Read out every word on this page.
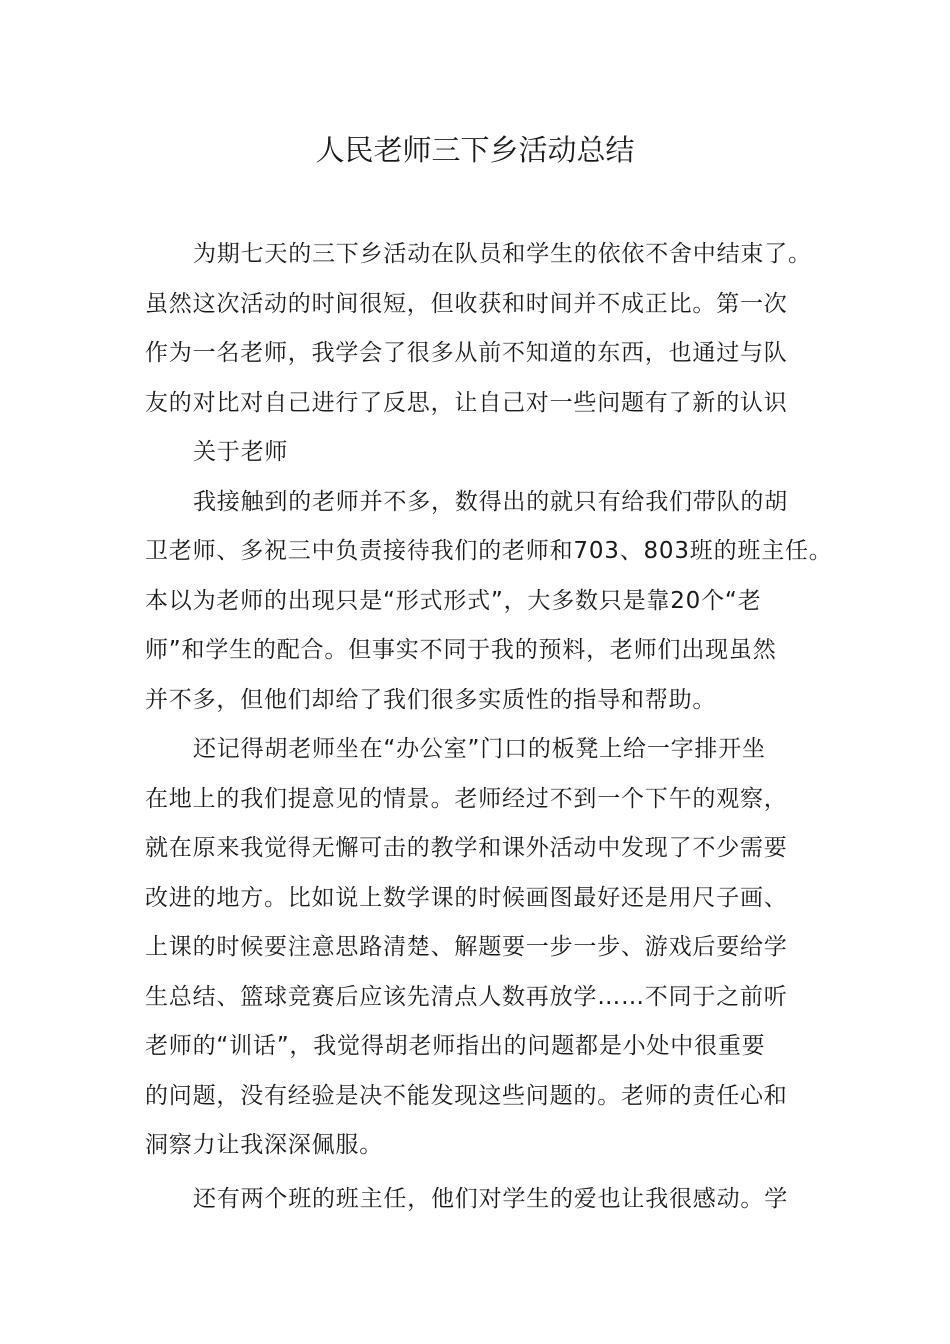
人民老师三下乡活动总结
为期七天的三下乡活动在队员和学生的依依不舍中结束了。
虽然这次活动的时间很短，但收获和时间并不成正比。第一次
作为一名老师，我学会了很多从前不知道的东西，也通过与队
友的对比对自己进行了反思，让自己对一些问题有了新的认识
关于老师
我接触到的老师并不多，数得出的就只有给我们带队的胡
卫老师、多祝三中负责接待我们的老师和703、803班的班主任。
本以为老师的出现只是“形式形式”，大多数只是靠20个“老
师”和学生的配合。但事实不同于我的预料，老师们出现虽然
并不多，但他们却给了我们很多实质性的指导和帮助。
还记得胡老师坐在“办公室”门口的板凳上给一字排开坐
在地上的我们提意见的情景。老师经过不到一个下午的观察，
就在原来我觉得无懈可击的教学和课外活动中发现了不少需要
改进的地方。比如说上数学课的时候画图最好还是用尺子画、
上课的时候要注意思路清楚、解题要一步一步、游戏后要给学
生总结、篮球竞赛后应该先清点人数再放学……不同于之前听
老师的“训话”，我觉得胡老师指出的问题都是小处中很重要
的问题，没有经验是决不能发现这些问题的。老师的责任心和
洞察力让我深深佩服。
还有两个班的班主任，他们对学生的爱也让我很感动。学
